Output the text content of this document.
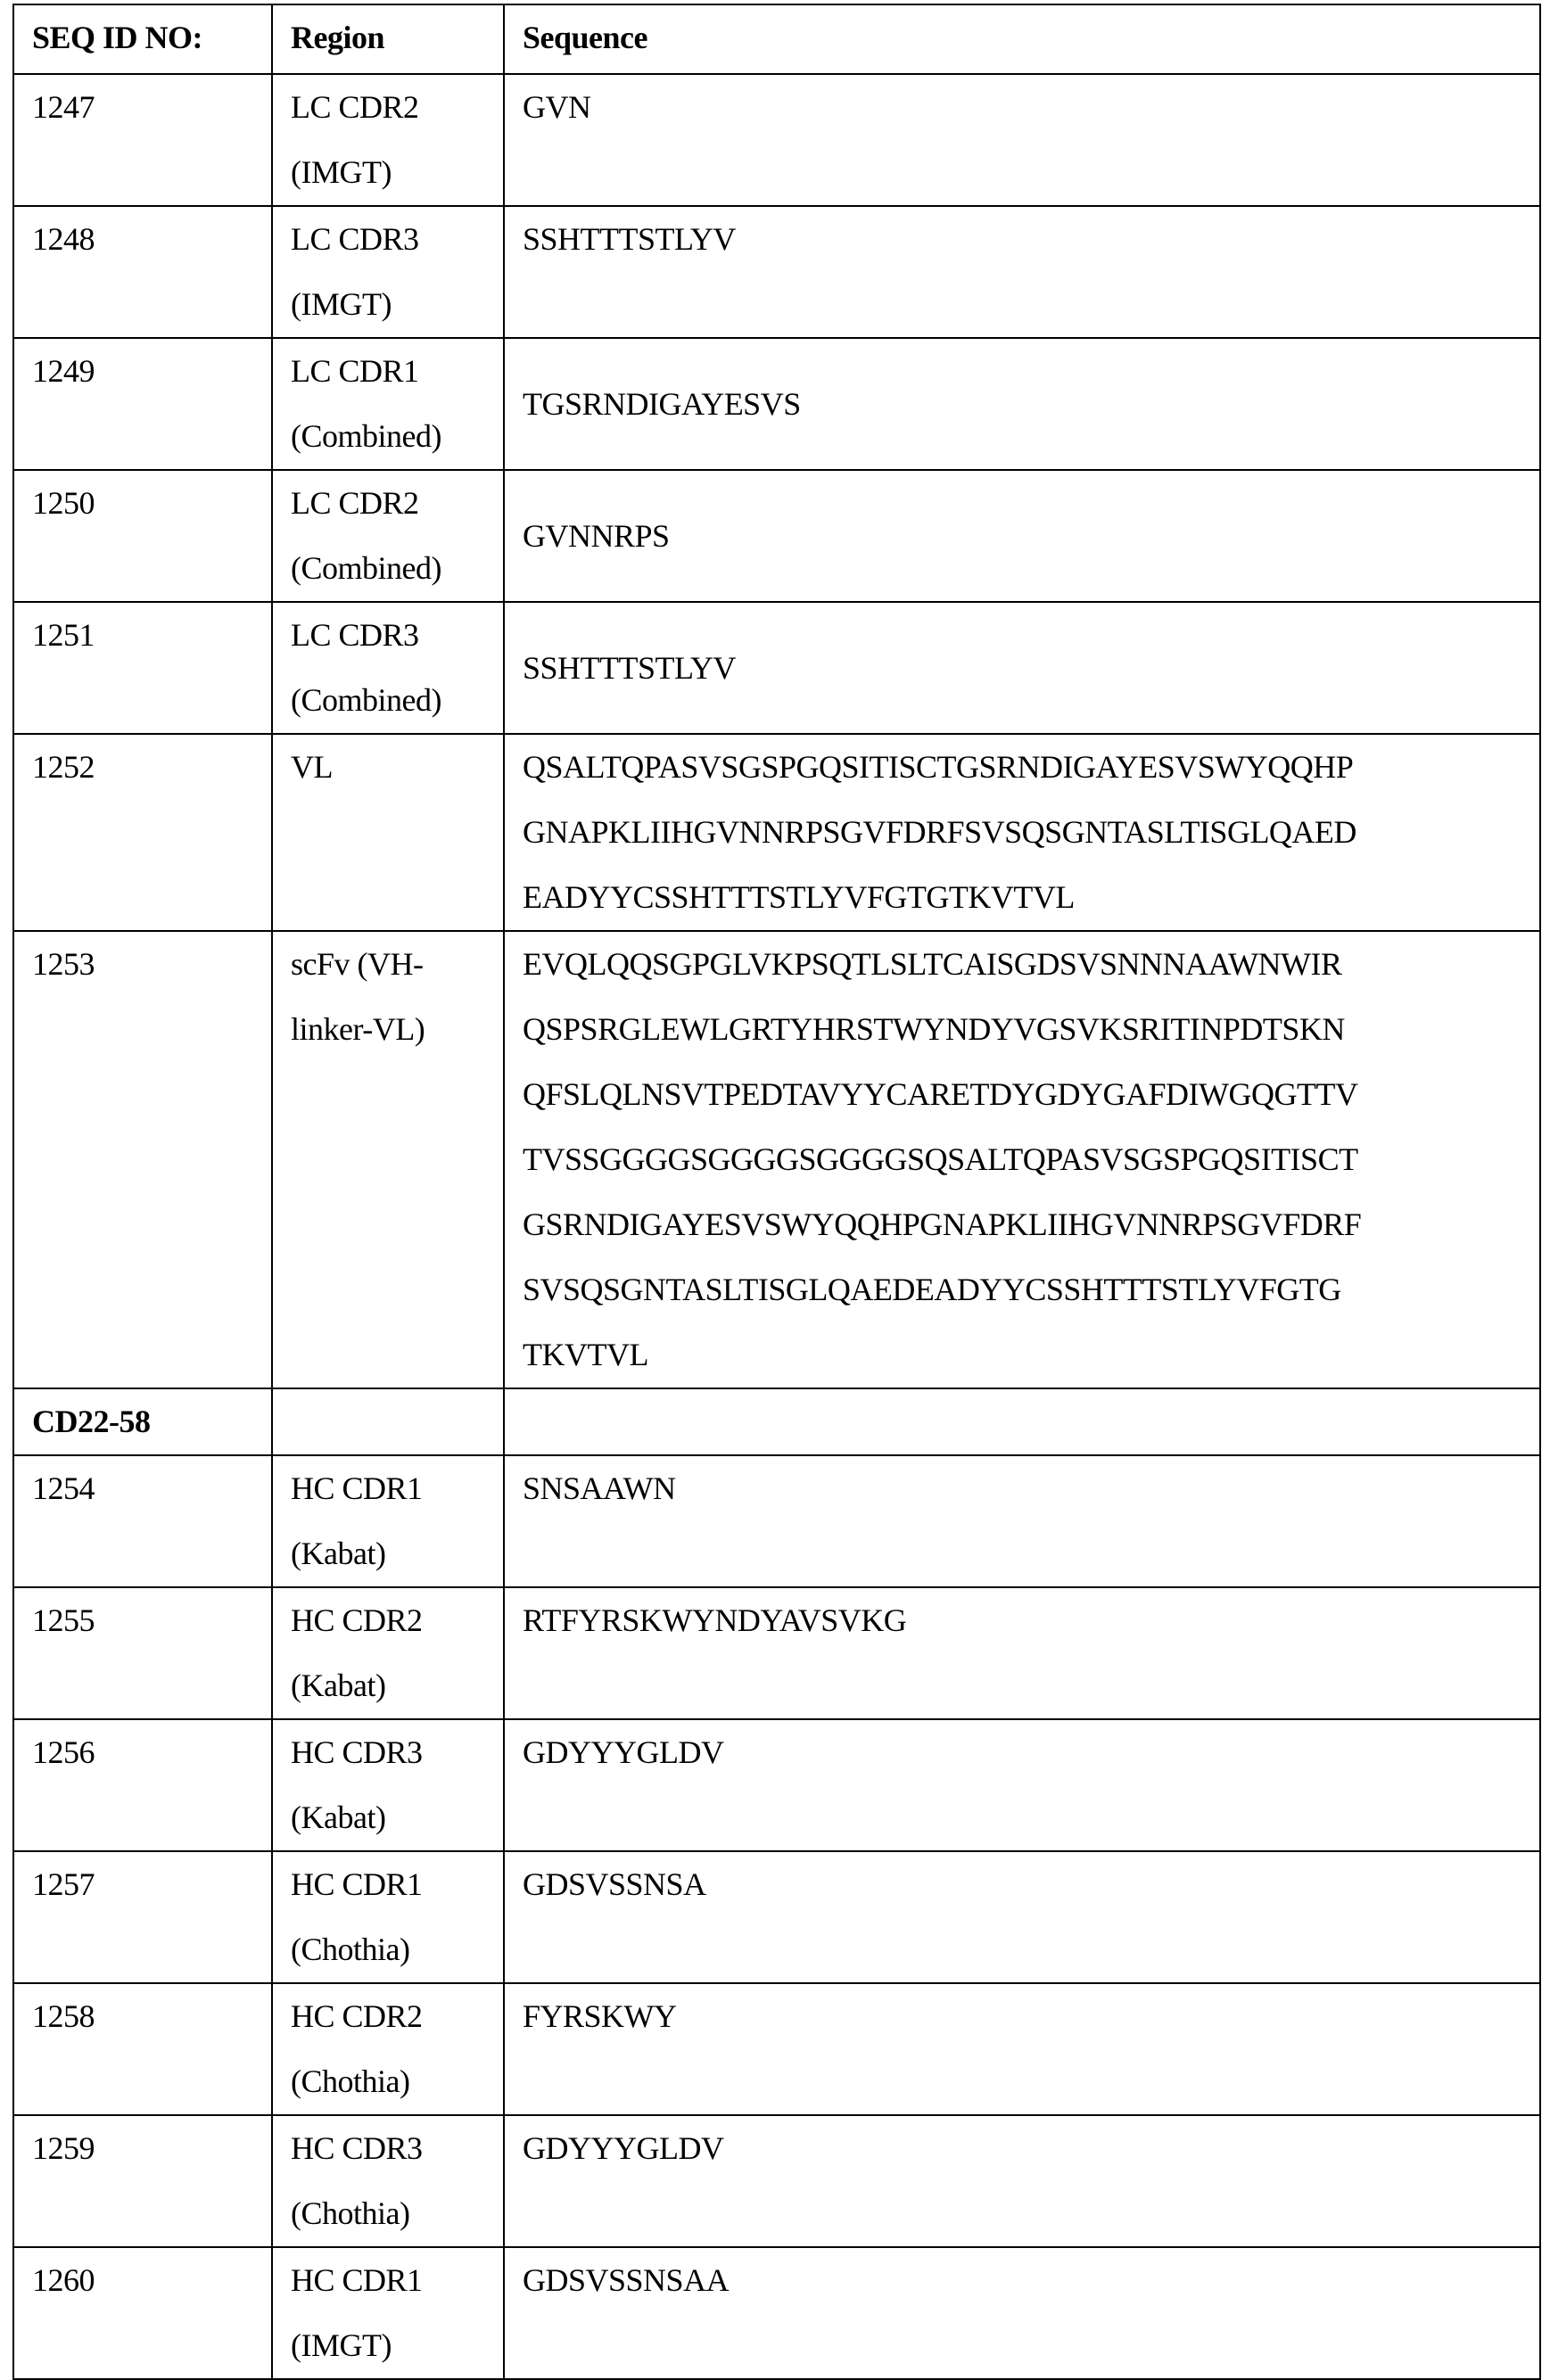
SEQ ID NO:	Region	Sequence
1247	LC CDR2
(IMGT)

GVN

1248	LC CDR3
(IMGT)

SSHTTTSTLYV

1249	LC CDR1
(Combined)

TGSRNDIGAYESVS

1250	LC CDR2
(Combined)

GVNNRPS

1251	LC CDR3
(Combined)

SSHTTTSTLYV

1252	VL	QSALTQPASVSGSPGQSITISCTGSRNDIGAYESVSWYQQHP
GNAPKLIIHGVNNRPSGVFDRFSVSQSGNTASLTISGLQAED
EADYYCSSHTTTSTLYVFGTGTKVTVL

1253	scFv (VH-
linker-VL)

EVQLQQSGPGLVKPSQTLSLTCAISGDSVSNNNAAWNWIR
QSPSRGLEWLGRTYHRSTWYNDYVGSVKSRITINPDTSKN
QFSLQLNSVTPEDTAVYYCARETDYGDYGAFDIWGQGTTV
TVSSGGGGSGGGGSGGGGSQSALTQPASVSGSPGQSITISCT
GSRNDIGAYESVSWYQQHPGNAPKLIIHGVNNRPSGVFDRF
SVSQSGNTASLTISGLQAEDEADYYCSSHTTTSTLYVFGTG
TKVTVL

CD22-58		
1254	HC CDR1
(Kabat)

SNSAAWN

1255	HC CDR2
(Kabat)

RTFYRSKWYNDYAVSVKG

1256	HC CDR3
(Kabat)

GDYYYGLDV

1257	HC CDR1
(Chothia)

GDSVSSNSA

1258	HC CDR2
(Chothia)

FYRSKWY

1259	HC CDR3
(Chothia)

GDYYYGLDV

1260	HC CDR1
(IMGT)

GDSVSSNSAA
